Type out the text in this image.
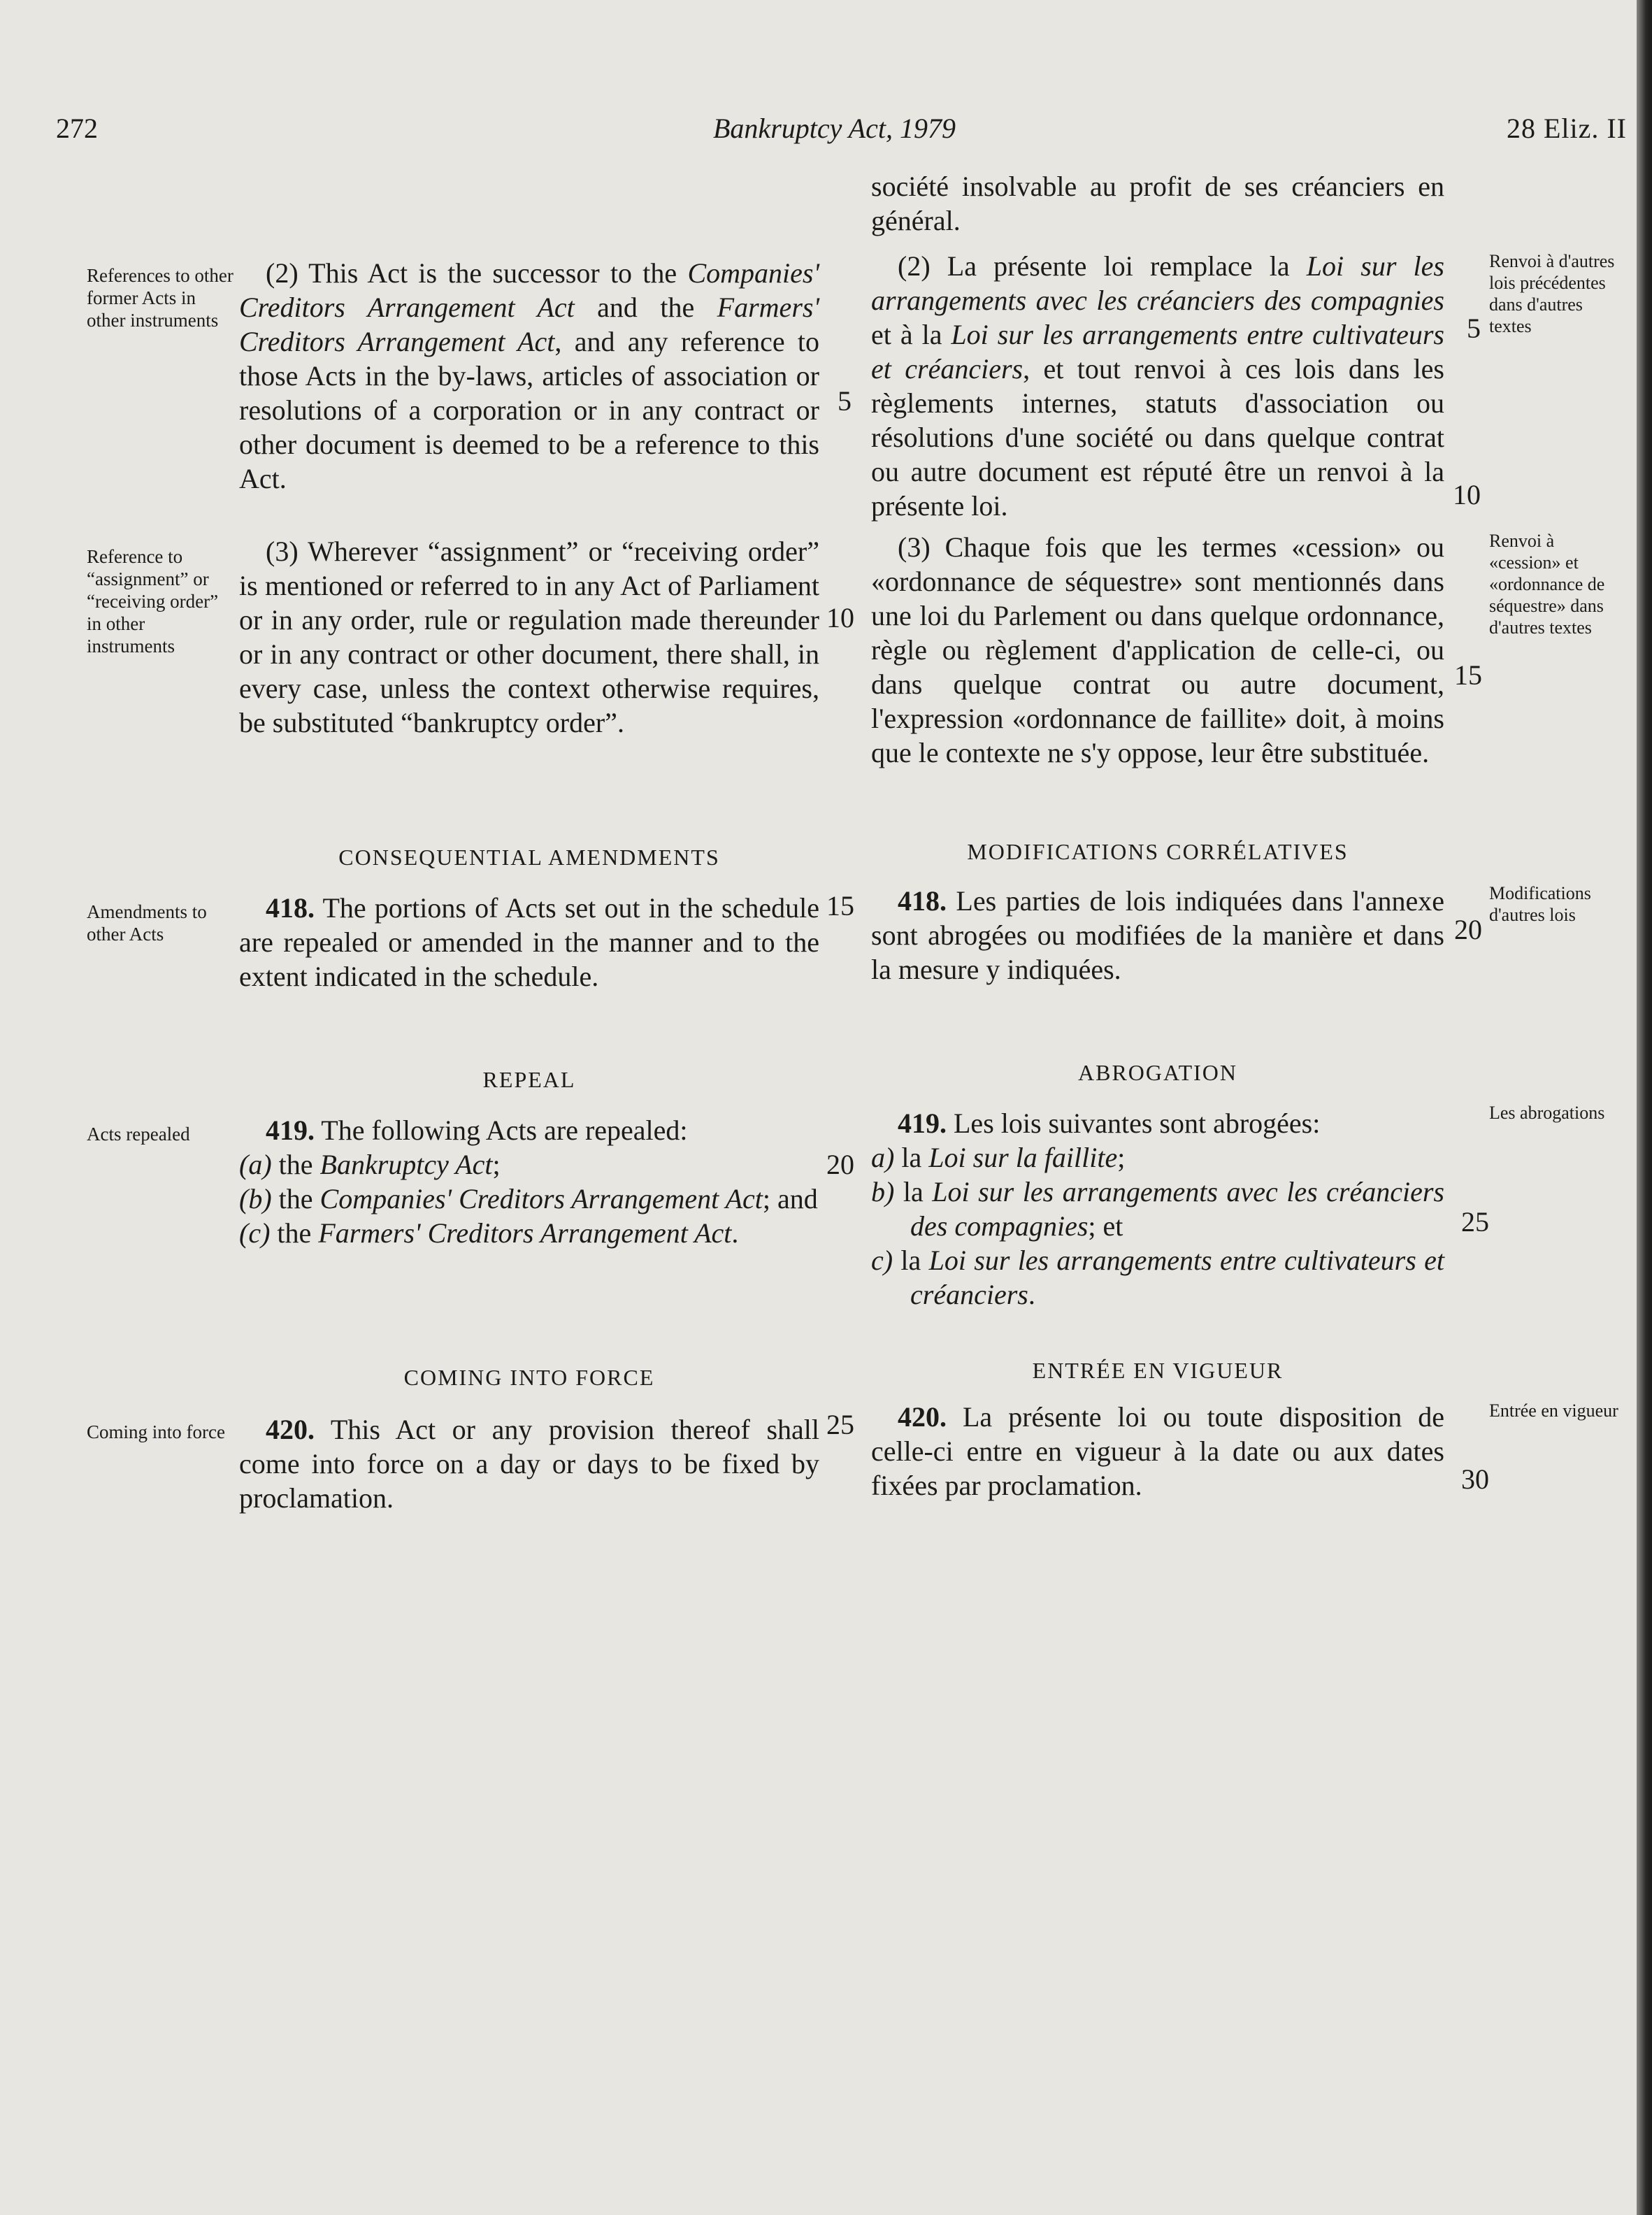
272	Bankruptcy Act, 1979	28 Eliz. II
References to other former Acts in other instruments

(2) This Act is the successor to the Companies' Creditors Arrangement Act and the Farmers' Creditors Arrangement Act, and any reference to those Acts in the by-laws, articles of association or resolutions of a corporation or in any contract or other document is deemed to be a reference to this Act.

Reference to “assignment” or “receiving order” in other instruments

(3) Wherever “assignment” or “receiving order” is mentioned or referred to in any Act of Parliament or in any order, rule or regulation made thereunder or in any contract or other document, there shall, in every case, unless the context otherwise requires, be substituted “bankruptcy order”.

CONSEQUENTIAL AMENDMENTS
Amendments to other Acts

418. The portions of Acts set out in the schedule are repealed or amended in the manner and to the extent indicated in the schedule.

REPEAL
Acts repealed	419. The following Acts are repealed:

(a) the Bankruptcy Act;

(b) the Companies' Creditors Arrangement Act; and

(c) the Farmers' Creditors Arrangement Act.

COMING INTO FORCE
Coming into force	420. This Act or any provision thereof shall come into force on a day or days to be fixed by proclamation.

5
10
15
20
25

société insolvable au profit de ses créanciers en général.

(2) La présente loi remplace la Loi sur les arrangements avec les créanciers des compagnies et à la Loi sur les arrangements entre cultivateurs et créanciers, et tout renvoi à ces lois dans les règlements internes, statuts d'association ou résolutions d'une société ou dans quelque contrat ou autre document est réputé être un renvoi à la présente loi.

Renvoi à d'autres lois précédentes dans d'autres textes

(3) Chaque fois que les termes «cession» ou «ordonnance de séquestre» sont mentionnés dans une loi du Parlement ou dans quelque ordonnance, règle ou règlement d'application de celle-ci, ou dans quelque contrat ou autre document, l'expression «ordonnance de faillite» doit, à moins que le contexte ne s'y oppose, leur être substituée.

Renvoi à «cession» et «ordonnance de séquestre» dans d'autres textes
MODIFICATIONS CORRÉLATIVES

418. Les parties de lois indiquées dans l'annexe sont abrogées ou modifiées de la manière et dans la mesure y indiquées.

Modifications d'autres lois
ABROGATION

419. Les lois suivantes sont abrogées:

a) la Loi sur la faillite;

b) la Loi sur les arrangements avec les créanciers des compagnies; et

c) la Loi sur les arrangements entre cultivateurs et créanciers.

Les abrogations
ENTRÉE EN VIGUEUR

420. La présente loi ou toute disposition de celle-ci entre en vigueur à la date ou aux dates fixées par proclamation.

Entrée en vigueur
5
10
15
20
25
30
